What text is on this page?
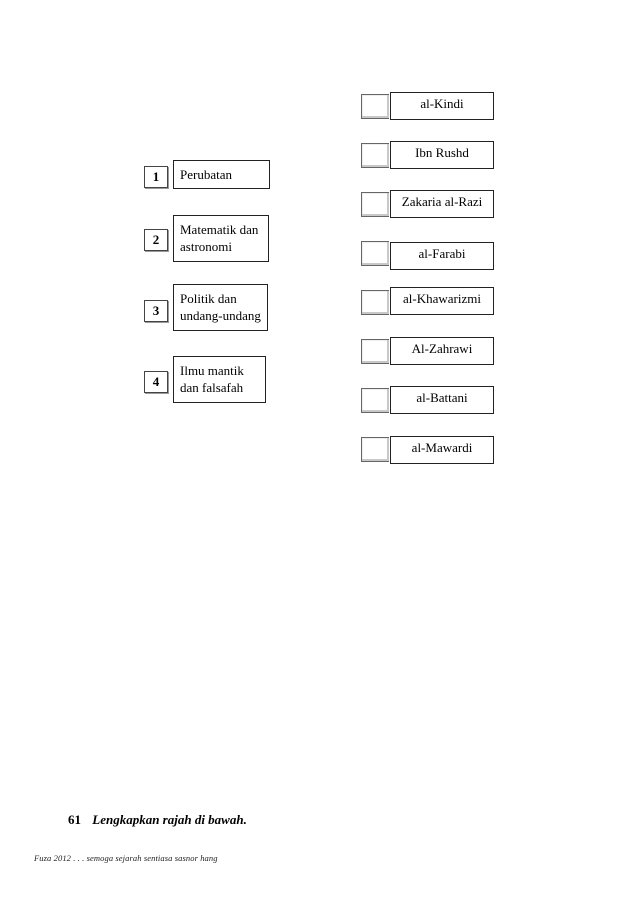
1	Perubatan
2
Matematik dan
astronomi
3
Politik dan
undang-undang
4
Ilmu mantik
dan falsafah
al-Kindi
Ibn Rushd
Zakaria al-Razi
al-Farabi
al-Khawarizmi
Al-Zahrawi
al-Battani
al-Mawardi
61 Lengkapkan rajah di bawah.
Fuza 2012 . . . semoga sejarah sentiasa sasnor hang
